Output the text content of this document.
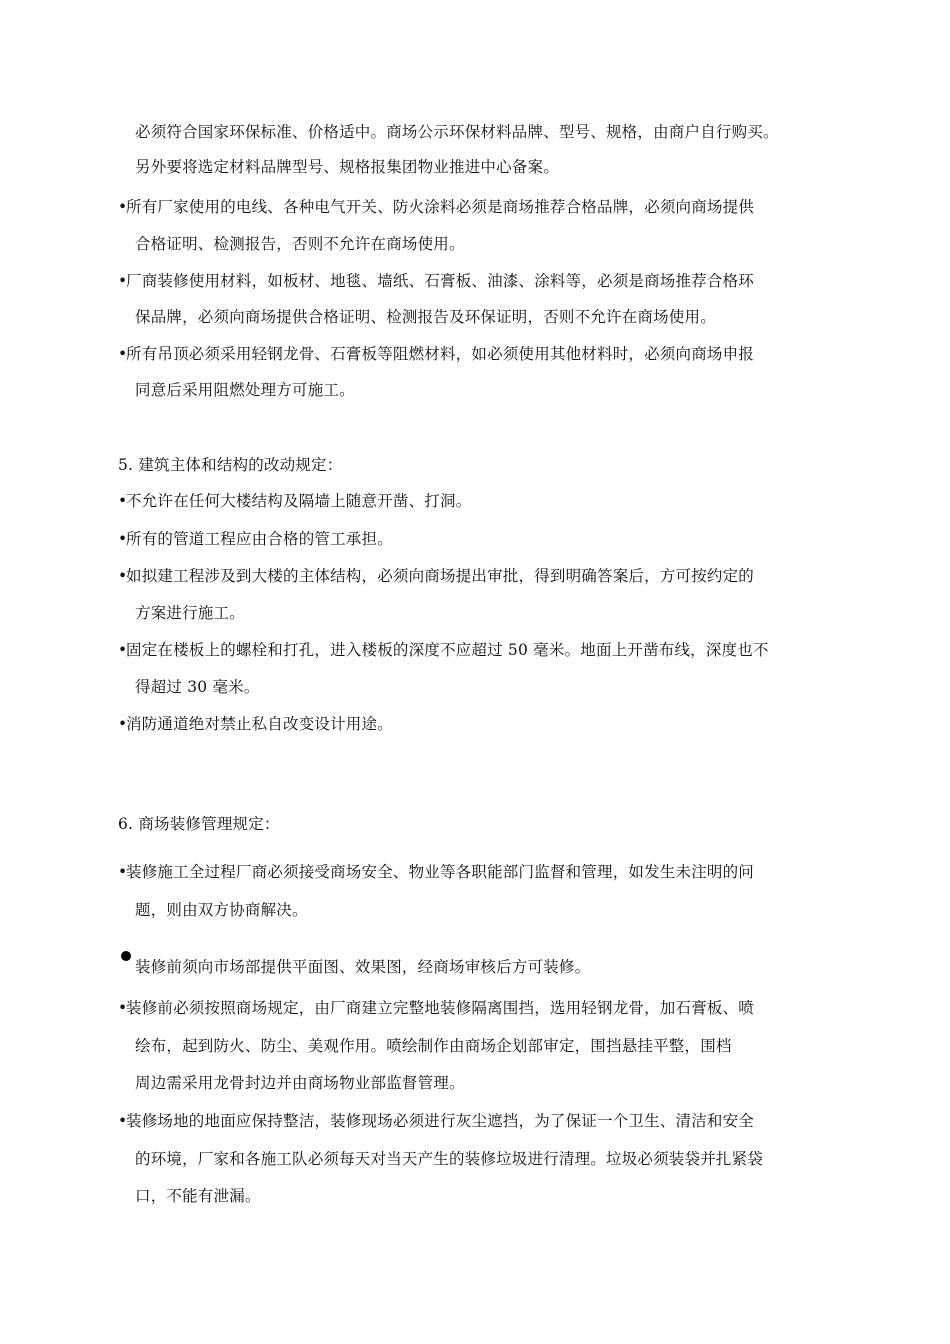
必须符合国家环保标准、价格适中。商场公示环保材料品牌、型号、规格，由商户自行购买。
另外要将选定材料品牌型号、规格报集团物业推进中心备案。
•所有厂家使用的电线、各种电气开关、防火涂料必须是商场推荐合格品牌，必须向商场提供
合格证明、检测报告，否则不允许在商场使用。
•厂商装修使用材料，如板材、地毯、墙纸、石膏板、油漆、涂料等，必须是商场推荐合格环
保品牌，必须向商场提供合格证明、检测报告及环保证明，否则不允许在商场使用。
•所有吊顶必须采用轻钢龙骨、石膏板等阻燃材料，如必须使用其他材料时，必须向商场申报
同意后采用阻燃处理方可施工。
5. 建筑主体和结构的改动规定：
•不允许在任何大楼结构及隔墙上随意开凿、打洞。
•所有的管道工程应由合格的管工承担。
•如拟建工程涉及到大楼的主体结构，必须向商场提出审批，得到明确答案后，方可按约定的
方案进行施工。
•固定在楼板上的螺栓和打孔，进入楼板的深度不应超过 50 毫米。地面上开凿布线，深度也不
得超过 30 毫米。
•消防通道绝对禁止私自改变设计用途。
6. 商场装修管理规定：
•装修施工全过程厂商必须接受商场安全、物业等各职能部门监督和管理，如发生未注明的问
题，则由双方协商解决。
装修前须向市场部提供平面图、效果图，经商场审核后方可装修。
•装修前必须按照商场规定，由厂商建立完整地装修隔离围挡，选用轻钢龙骨，加石膏板、喷
绘布，起到防火、防尘、美观作用。喷绘制作由商场企划部审定，围挡悬挂平整，围档
周边需采用龙骨封边并由商场物业部监督管理。
•装修场地的地面应保持整洁，装修现场必须进行灰尘遮挡，为了保证一个卫生、清洁和安全
的环境，厂家和各施工队必须每天对当天产生的装修垃圾进行清理。垃圾必须装袋并扎紧袋
口，不能有泄漏。
